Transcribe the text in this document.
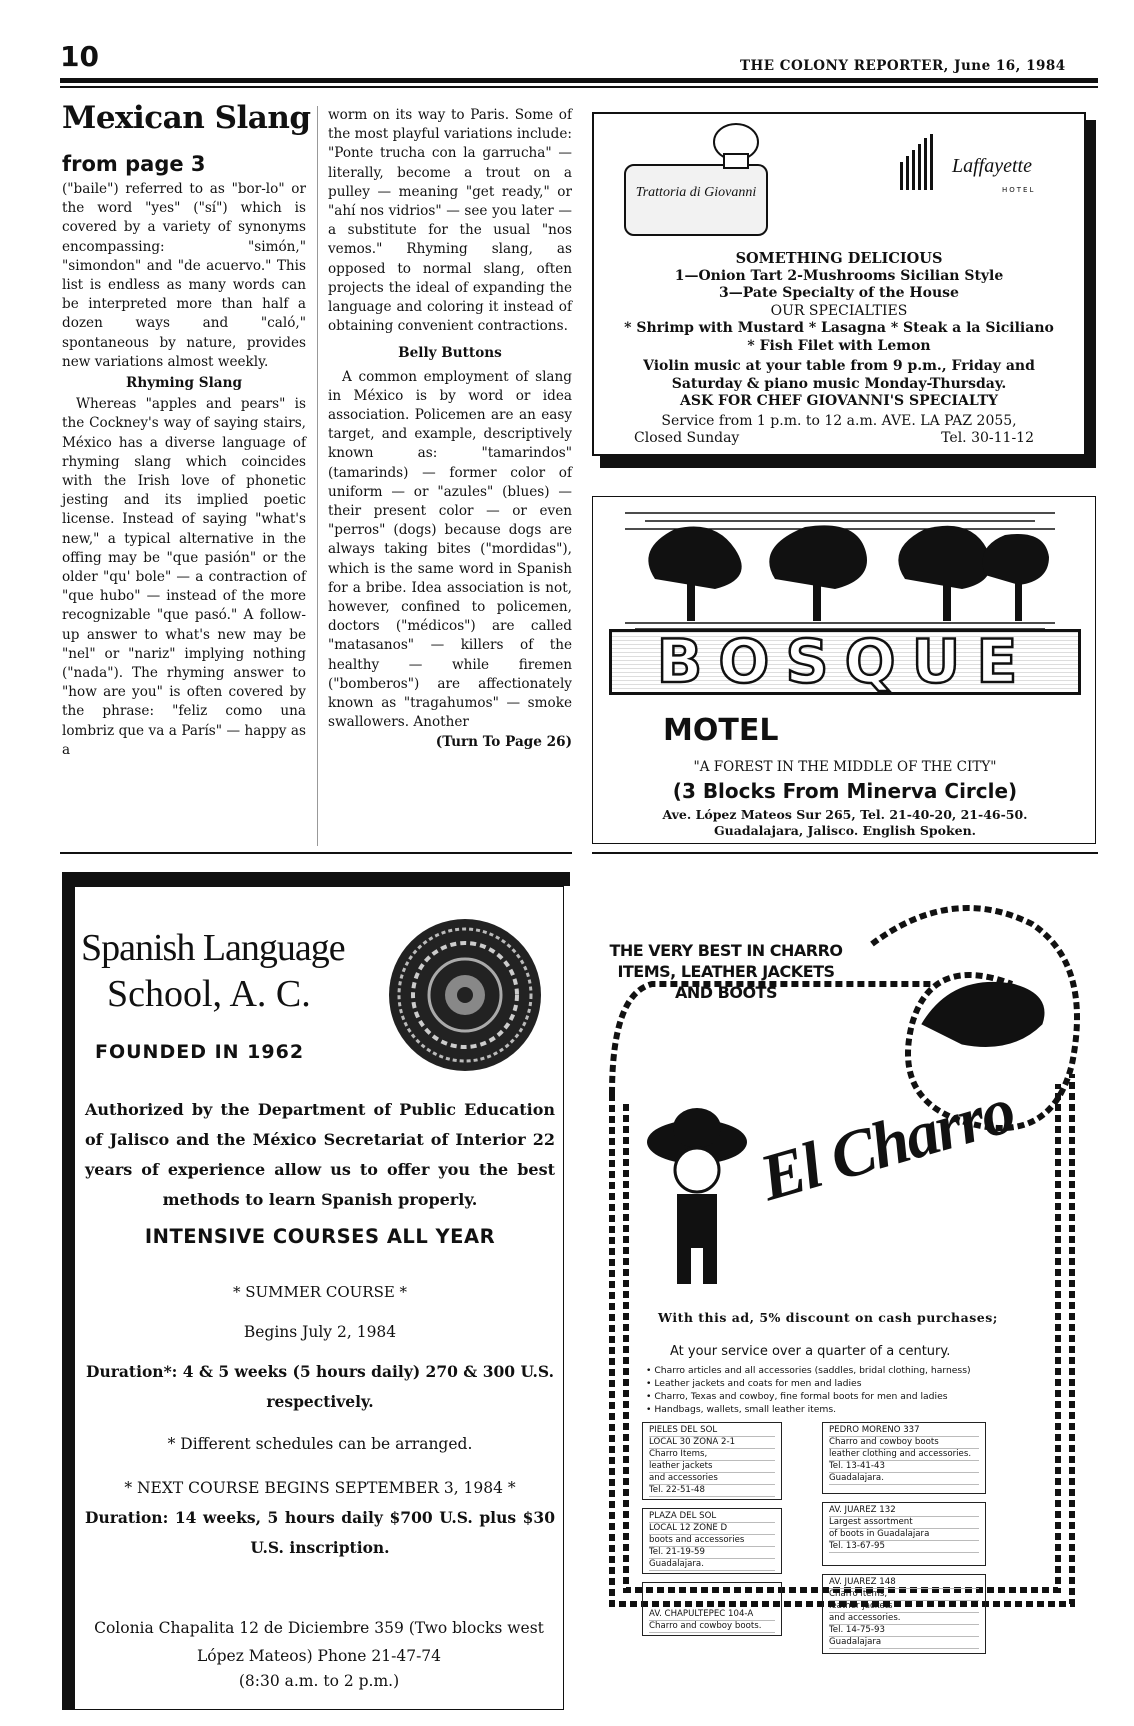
10	THE COLONY REPORTER, June 16, 1984
Mexican Slang
from page 3

("baile") referred to as "bor-lo" or the word "yes" ("sí") which is covered by a variety of synonyms encompassing: "simón," "simondon" and "de acuervo." This list is endless as many words can be interpreted more than half a dozen ways and "caló," spontaneous by nature, provides new variations almost weekly.

Rhyming Slang

Whereas "apples and pears" is the Cockney's way of saying stairs, México has a diverse language of rhyming slang which coincides with the Irish love of phonetic jesting and its implied poetic license. Instead of saying "what's new," a typical alternative in the offing may be "que pasión" or the older "qu' bole" — a contraction of "que hubo" — instead of the more recognizable "que pasó." A follow-up answer to what's new may be "nel" or "nariz" implying nothing ("nada"). The rhyming answer to "how are you" is often covered by the phrase: "feliz como una lombriz que va a París" — happy as a

worm on its way to Paris. Some of the most playful variations include: "Ponte trucha con la garrucha" — literally, become a trout on a pulley — meaning "get ready," or "ahí nos vidrios" — see you later — a substitute for the usual "nos vemos." Rhyming slang, as opposed to normal slang, often projects the ideal of expanding the language and coloring it instead of obtaining convenient contractions.

Belly Buttons

A common employment of slang in México is by word or idea association. Policemen are an easy target, and example, descriptively known as: "tamarindos" (tamarinds) — former color of uniform — or "azules" (blues) — their present color — or even "perros" (dogs) because dogs are always taking bites ("mordidas"), which is the same word in Spanish for a bribe. Idea association is not, however, confined to policemen, doctors ("médicos") are called "matasanos" — killers of the healthy — while firemen ("bomberos") are affectionately known as "tragahumos" — smoke swallowers. Another

(Turn To Page 26)
Trattoria di Giovanni
Laffayette
HOTEL
SOMETHING DELICIOUS
1—Onion Tart 2-Mushrooms Sicilian Style
3—Pate Specialty of the House
OUR SPECIALTIES
* Shrimp with Mustard * Lasagna * Steak a la Siciliano
* Fish Filet with Lemon
Violin music at your table from 9 p.m., Friday and
Saturday & piano music Monday-Thursday.
ASK FOR CHEF GIOVANNI'S SPECIALTY
Service from 1 p.m. to 12 a.m. AVE. LA PAZ 2055,
Closed Sunday	Tel. 30-11-12
BOSQUE
MOTEL
"A FOREST IN THE MIDDLE OF THE CITY"
(3 Blocks From Minerva Circle)
Ave. López Mateos Sur 265, Tel. 21-40-20, 21-46-50.
Guadalajara, Jalisco. English Spoken.
Spanish Language
School, A. C.
FOUNDED IN 1962
Authorized by the Department of Public Education of Jalisco and the México Secretariat of Interior 22 years of experience allow us to offer you the best methods to learn Spanish properly.
INTENSIVE COURSES ALL YEAR
* SUMMER COURSE *
Begins July 2, 1984
Duration*: 4 & 5 weeks (5 hours daily) 270 & 300 U.S. respectively.
* Different schedules can be arranged.
* NEXT COURSE BEGINS SEPTEMBER 3, 1984 *
Duration: 14 weeks, 5 hours daily $700 U.S. plus $30 U.S. inscription.
Colonia Chapalita 12 de Diciembre 359 (Two blocks west López Mateos) Phone 21-47-74
THE VERY BEST IN CHARRO ITEMS, LEATHER JACKETS AND BOOTS
El Charro
With this ad, 5% discount on cash purchases;
At your service over a quarter of a century.
• Charro articles and all accessories (saddles, bridal clothing, harness)
• Leather jackets and coats for men and ladies
• Charro, Texas and cowboy, fine formal boots for men and ladies
• Handbags, wallets, small leather items.
PIELES DEL SOL
LOCAL 30 ZONA 2-1
Charro Items,
leather jackets
and accessories
Tel. 22-51-48
PLAZA DEL SOL
LOCAL 12 ZONE D
boots and accessories
Tel. 21-19-59
Guadalajara.
AV. CHAPULTEPEC 104-A
Charro and cowboy boots.
PEDRO MORENO 337
Charro and cowboy boots
leather clothing and accessories.
Tel. 13-41-43
Guadalajara.
AV. JUAREZ 132
Largest assortment
of boots in Guadalajara
Tel. 13-67-95
AV. JUAREZ 148
Charro items,
leather jackets
and accessories.
Tel. 14-75-93
Guadalajara
(8:30 a.m. to 2 p.m.)
